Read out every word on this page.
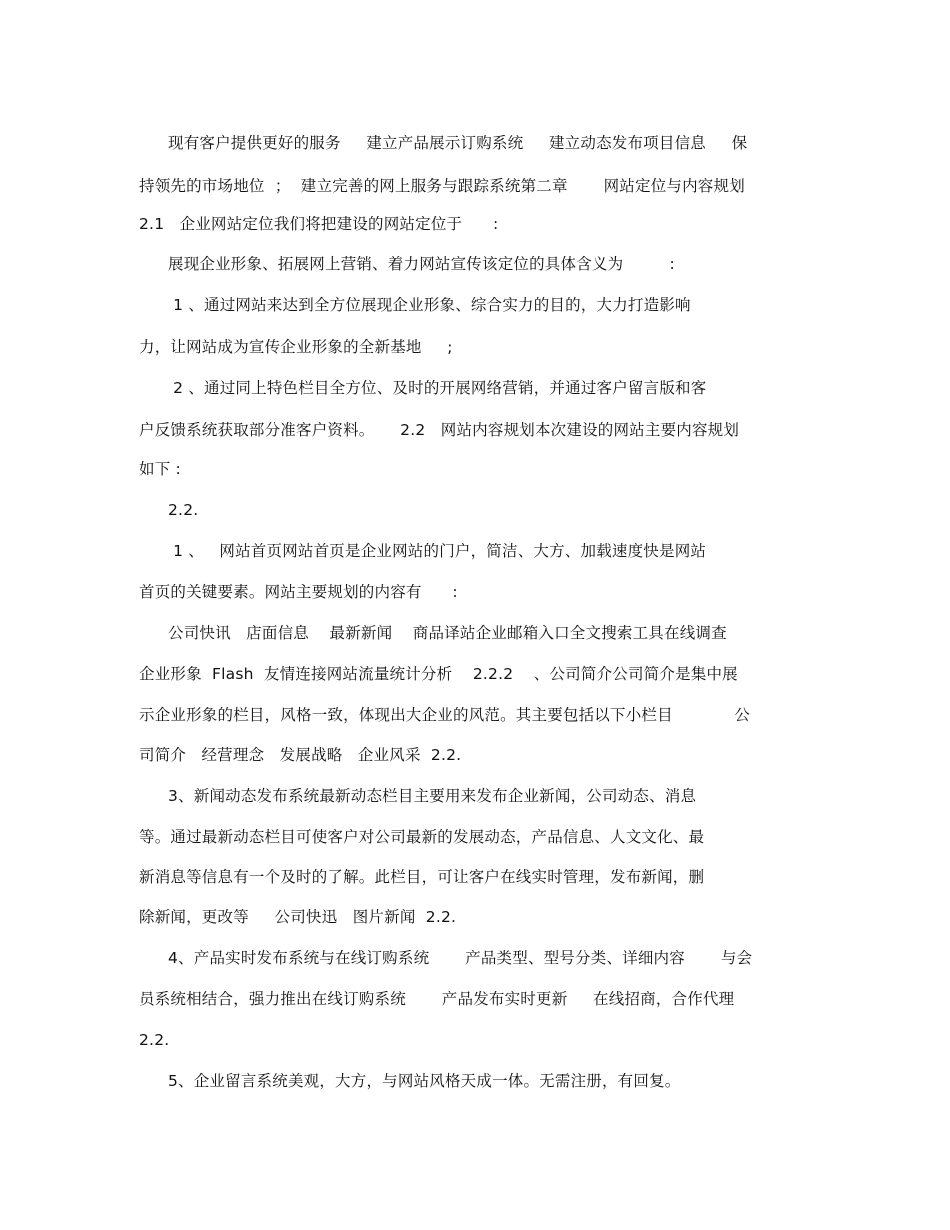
现有客户提供更好的服务     建立产品展示订购系统     建立动态发布项目信息     保
持领先的市场地位  ；  建立完善的网上服务与跟踪系统第二章       网站定位与内容规划
2.1   企业网站定位我们将把建设的网站定位于      :
展现企业形象、拓展网上营销、着力网站宣传该定位的具体含义为         :
1 、通过网站来达到全方位展现企业形象、综合实力的目的，大力打造影响
力，让网站成为宣传企业形象的全新基地     ;
2 、通过同上特色栏目全方位、及时的开展网络营销，并通过客户留言版和客
户反馈系统获取部分准客户资料。     2.2   网站内容规划本次建设的网站主要内容规划
如下 :
2.2.
1 、   网站首页网站首页是企业网站的门户，简洁、大方、加载速度快是网站
首页的关键要素。网站主要规划的内容有      :
公司快讯   店面信息    最新新闻    商品译站企业邮箱入口全文搜索工具在线调查
企业形象  Flash  友情连接网站流量统计分析    2.2.2    、公司简介公司简介是集中展
示企业形象的栏目，风格一致，体现出大企业的风范。其主要包括以下小栏目            公
司简介   经营理念   发展战略   企业风采  2.2.
3、新闻动态发布系统最新动态栏目主要用来发布企业新闻，公司动态、消息
等。通过最新动态栏目可使客户对公司最新的发展动态，产品信息、人文文化、最
新消息等信息有一个及时的了解。此栏目，可让客户在线实时管理，发布新闻，删
除新闻，更改等     公司快迅   图片新闻  2.2.
4、产品实时发布系统与在线订购系统       产品类型、型号分类、详细内容       与会
员系统相结合，强力推出在线订购系统       产品发布实时更新     在线招商，合作代理
2.2.
5、企业留言系统美观，大方，与网站风格天成一体。无需注册，有回复。
